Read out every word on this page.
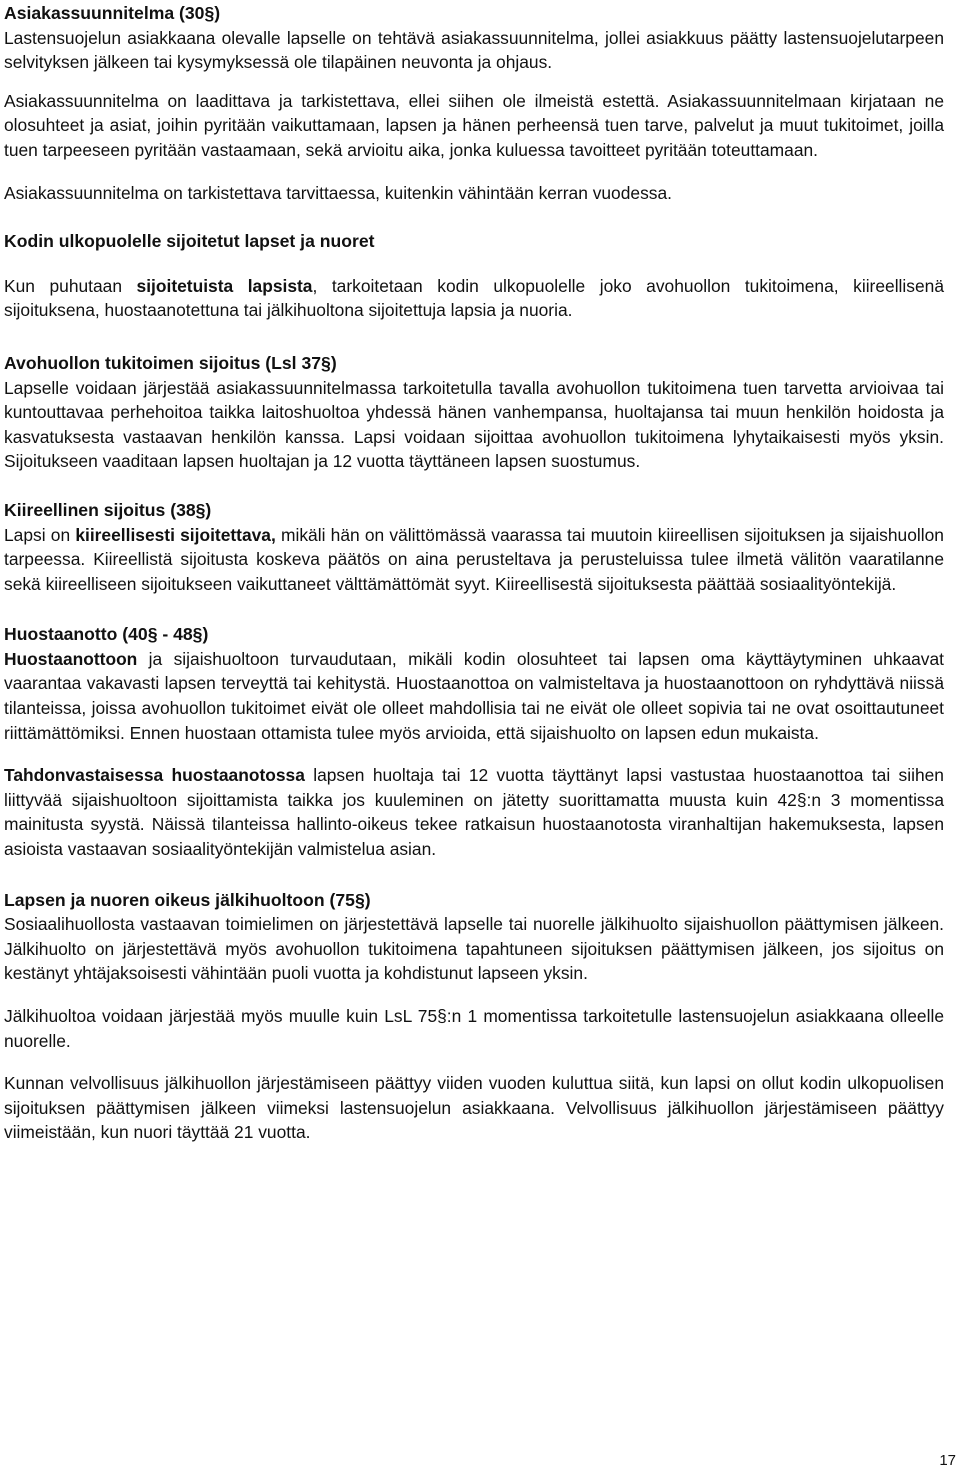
Asiakassuunnitelma (30§)

Lastensuojelun asiakkaana olevalle lapselle on tehtävä asiakassuunnitelma, jollei asiakkuus päätty lastensuojelutarpeen selvityksen jälkeen tai kysymyksessä ole tilapäinen neuvonta ja ohjaus.

Asiakassuunnitelma on laadittava ja tarkistettava, ellei siihen ole ilmeistä estettä. Asiakassuunnitelmaan kirjataan ne olosuhteet ja asiat, joihin pyritään vaikuttamaan, lapsen ja hänen perheensä tuen tarve, palvelut ja muut tukitoimet, joilla tuen tarpeeseen pyritään vastaamaan, sekä arvioitu aika, jonka kuluessa tavoitteet pyritään toteuttamaan.

Asiakassuunnitelma on tarkistettava tarvittaessa, kuitenkin vähintään kerran vuodessa.

Kodin ulkopuolelle sijoitetut lapset ja nuoret

Kun puhutaan sijoitetuista lapsista, tarkoitetaan kodin ulkopuolelle joko avohuollon tukitoimena, kiireellisenä sijoituksena, huostaanotettuna tai jälkihuoltona sijoitettuja lapsia ja nuoria.

Avohuollon tukitoimen sijoitus (Lsl 37§)

Lapselle voidaan järjestää asiakassuunnitelmassa tarkoitetulla tavalla avohuollon tukitoimena tuen tarvetta arvioivaa tai kuntouttavaa perhehoitoa taikka laitoshuoltoa yhdessä hänen vanhempansa, huoltajansa tai muun henkilön hoidosta ja kasvatuksesta vastaavan henkilön kanssa. Lapsi voidaan sijoittaa avohuollon tukitoimena lyhytaikaisesti myös yksin. Sijoitukseen vaaditaan lapsen huoltajan ja 12 vuotta täyttäneen lapsen suostumus.

Kiireellinen sijoitus (38§)

Lapsi on kiireellisesti sijoitettava, mikäli hän on välittömässä vaarassa tai muutoin kiireellisen sijoituksen ja sijaishuollon tarpeessa. Kiireellistä sijoitusta koskeva päätös on aina perusteltava ja perusteluissa tulee ilmetä välitön vaaratilanne sekä kiireelliseen sijoitukseen vaikuttaneet välttämättömät syyt. Kiireellisestä sijoituksesta päättää sosiaalityöntekijä.

Huostaanotto (40§ - 48§)

Huostaanottoon ja sijaishuoltoon turvaudutaan, mikäli kodin olosuhteet tai lapsen oma käyttäytyminen uhkaavat vaarantaa vakavasti lapsen terveyttä tai kehitystä. Huostaanottoa on valmisteltava ja huostaanottoon on ryhdyttävä niissä tilanteissa, joissa avohuollon tukitoimet eivät ole olleet mahdollisia tai ne eivät ole olleet sopivia tai ne ovat osoittautuneet riittämättömiksi. Ennen huostaan ottamista tulee myös arvioida, että sijaishuolto on lapsen edun mukaista.

Tahdonvastaisessa huostaanotossa lapsen huoltaja tai 12 vuotta täyttänyt lapsi vastustaa huostaanottoa tai siihen liittyvää sijaishuoltoon sijoittamista taikka jos kuuleminen on jätetty suorittamatta muusta kuin 42§:n 3 momentissa mainitusta syystä. Näissä tilanteissa hallinto-oikeus tekee ratkaisun huostaanotosta viranhaltijan hakemuksesta, lapsen asioista vastaavan sosiaalityöntekijän valmistelua asian.

Lapsen ja nuoren oikeus jälkihuoltoon (75§)

Sosiaalihuollosta vastaavan toimielimen on järjestettävä lapselle tai nuorelle jälkihuolto sijaishuollon päättymisen jälkeen. Jälkihuolto on järjestettävä myös avohuollon tukitoimena tapahtuneen sijoituksen päättymisen jälkeen, jos sijoitus on kestänyt yhtäjaksoisesti vähintään puoli vuotta ja kohdistunut lapseen yksin.

Jälkihuoltoa voidaan järjestää myös muulle kuin LsL 75§:n 1 momentissa tarkoitetulle lastensuojelun asiakkaana olleelle nuorelle.

Kunnan velvollisuus jälkihuollon järjestämiseen päättyy viiden vuoden kuluttua siitä, kun lapsi on ollut kodin ulkopuolisen sijoituksen päättymisen jälkeen viimeksi lastensuojelun asiakkaana. Velvollisuus jälkihuollon järjestämiseen päättyy viimeistään, kun nuori täyttää 21 vuotta.

17
